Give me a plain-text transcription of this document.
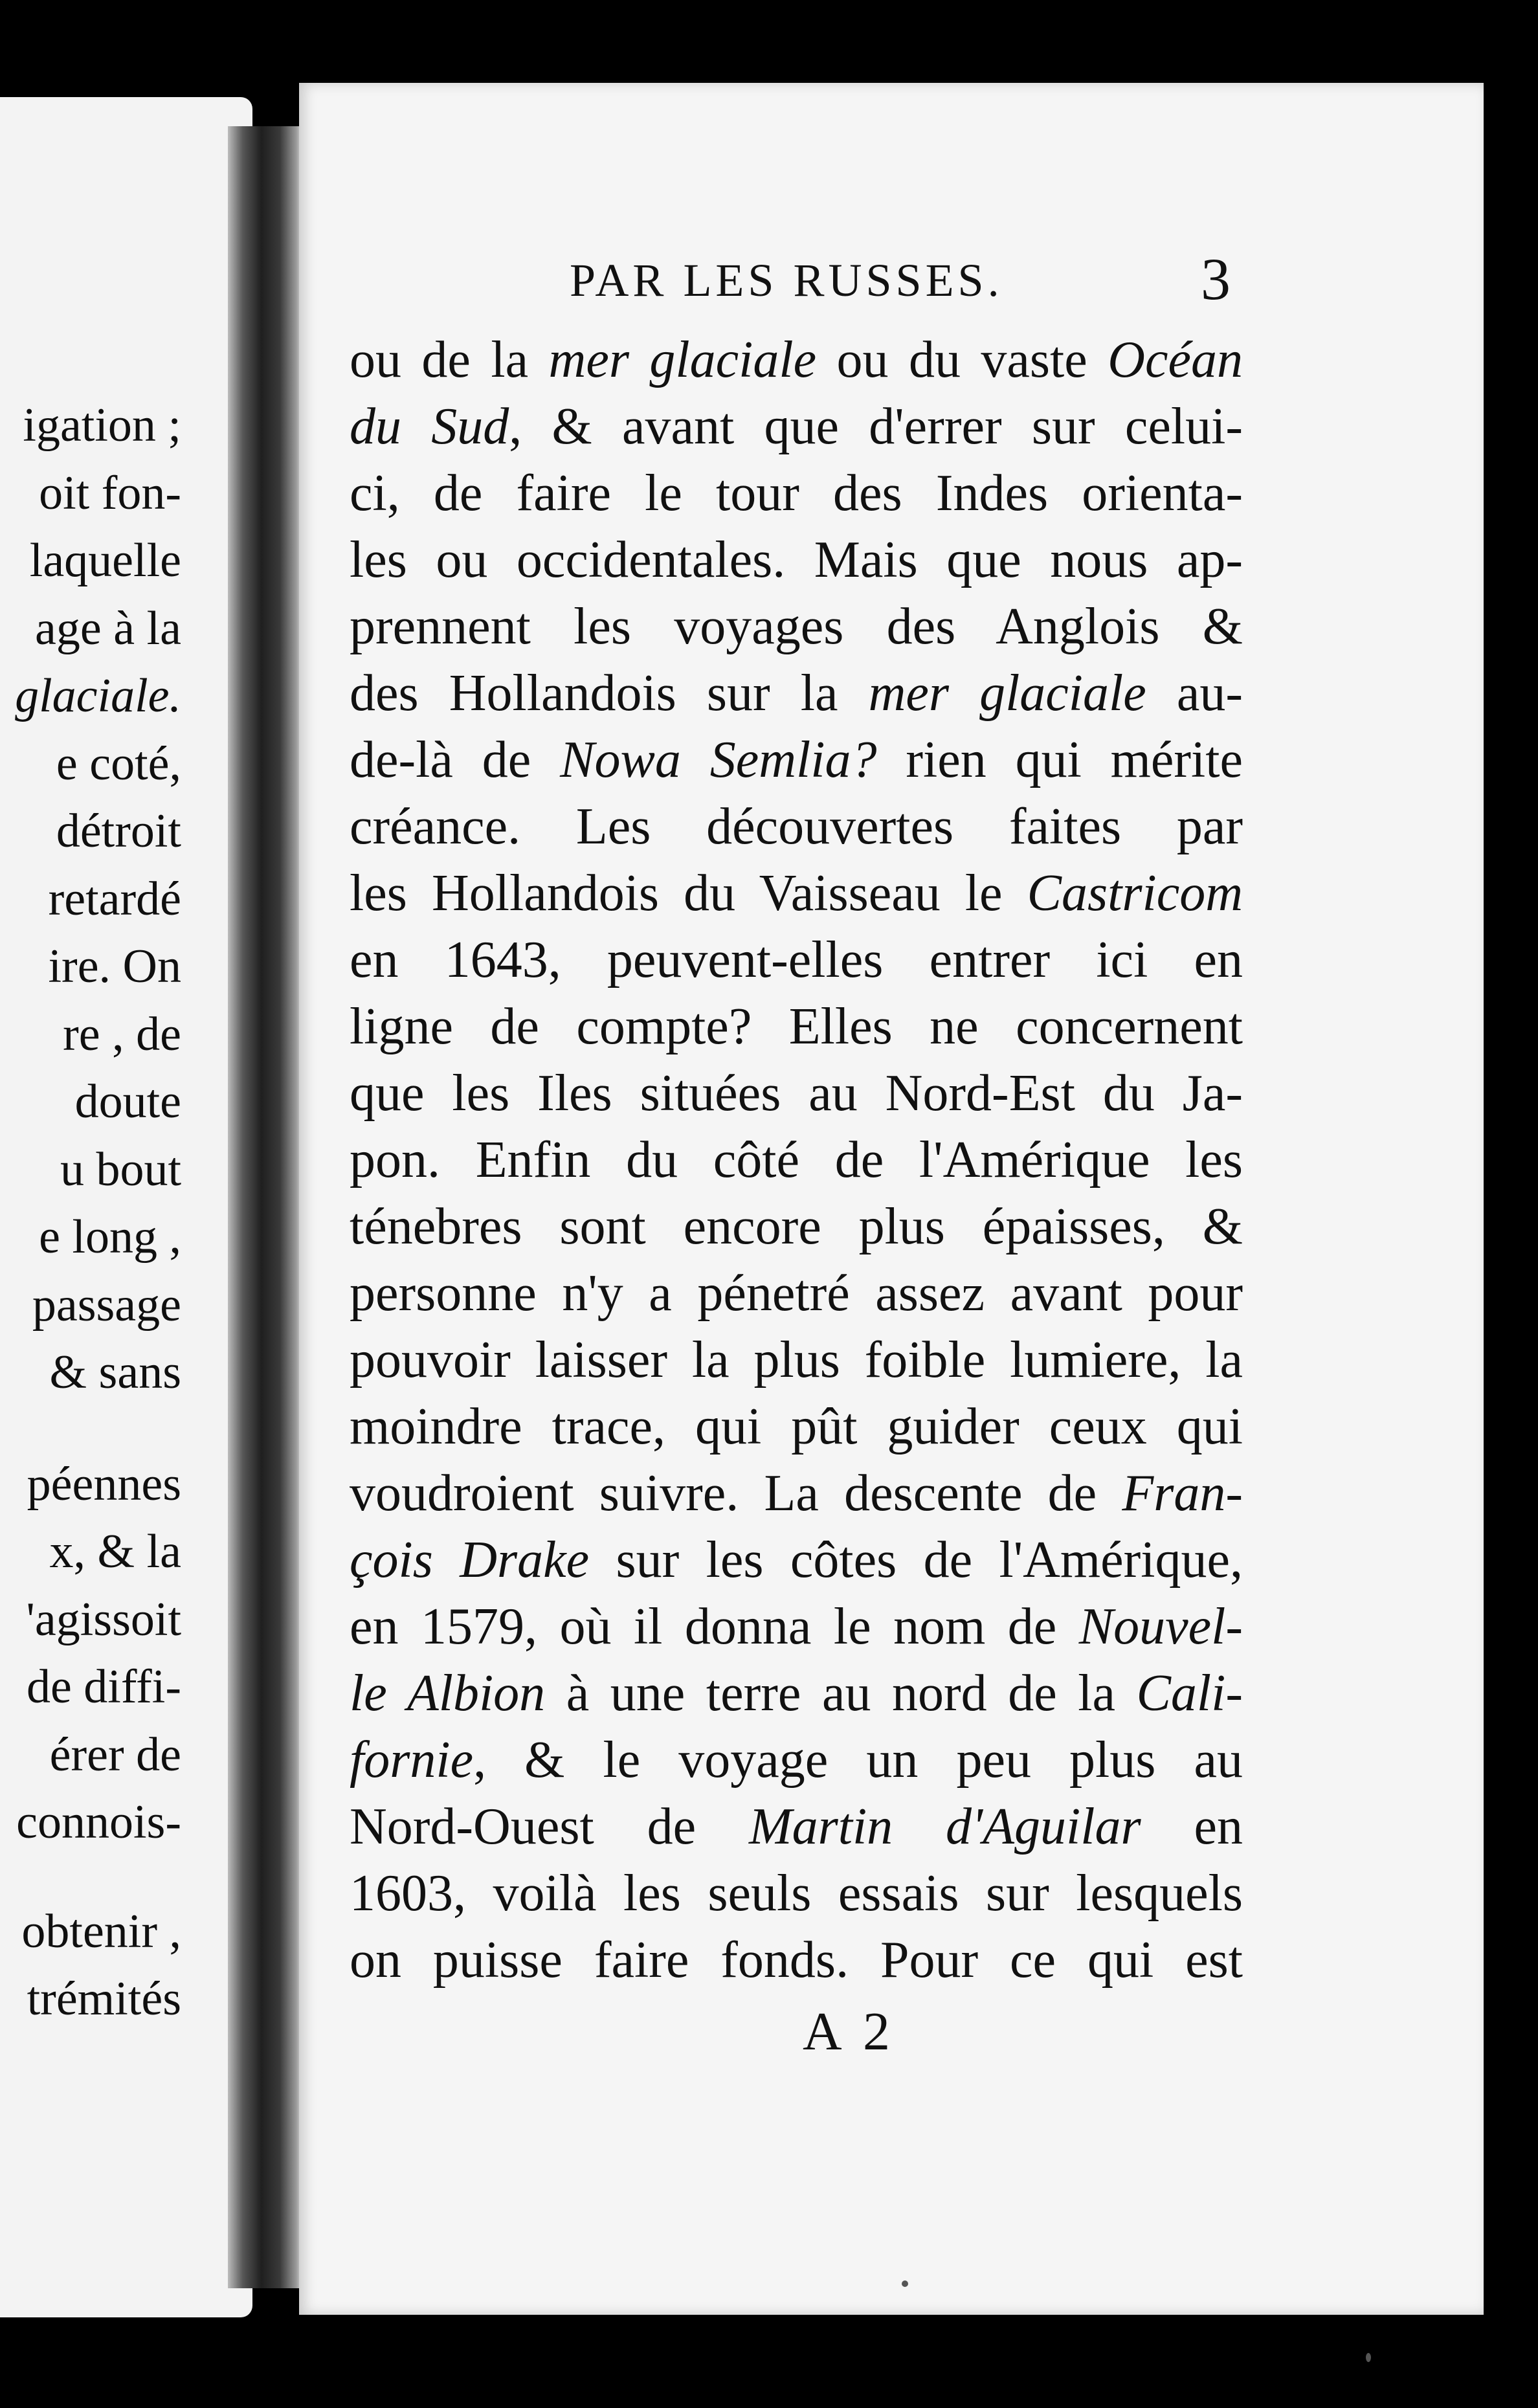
igation ;
oit fon-
laquelle
age à la
glaciale.
e coté,
détroit
retardé
ire. On
re , de
doute
u bout
e long ,
passage
& sans
péennes
x, & la
'agissoit
de diffi-
érer de
connois-
obtenir ,
trémités
PAR LES RUSSES.	3
ou de la mer glaciale ou du vaste Océan
du Sud, & avant que d'errer sur celui-
ci, de faire le tour des Indes orienta-
les ou occidentales. Mais que nous ap-
prennent les voyages des Anglois &
des Hollandois sur la mer glaciale au-
de-là de Nowa Semlia? rien qui mérite
créance. Les découvertes faites par
les Hollandois du Vaisseau le Castricom
en 1643, peuvent-elles entrer ici en
ligne de compte? Elles ne concernent
que les Iles situées au Nord-Est du Ja-
pon. Enfin du côté de l'Amérique les
ténebres sont encore plus épaisses, &
personne n'y a pénetré assez avant pour
pouvoir laisser la plus foible lumiere, la
moindre trace, qui pût guider ceux qui
voudroient suivre. La descente de Fran-
çois Drake sur les côtes de l'Amérique,
en 1579, où il donna le nom de Nouvel-
le Albion à une terre au nord de la Cali-
fornie, & le voyage un peu plus au
Nord-Ouest de Martin d'Aguilar en
1603, voilà les seuls essais sur lesquels
on puisse faire fonds. Pour ce qui est
A 2
